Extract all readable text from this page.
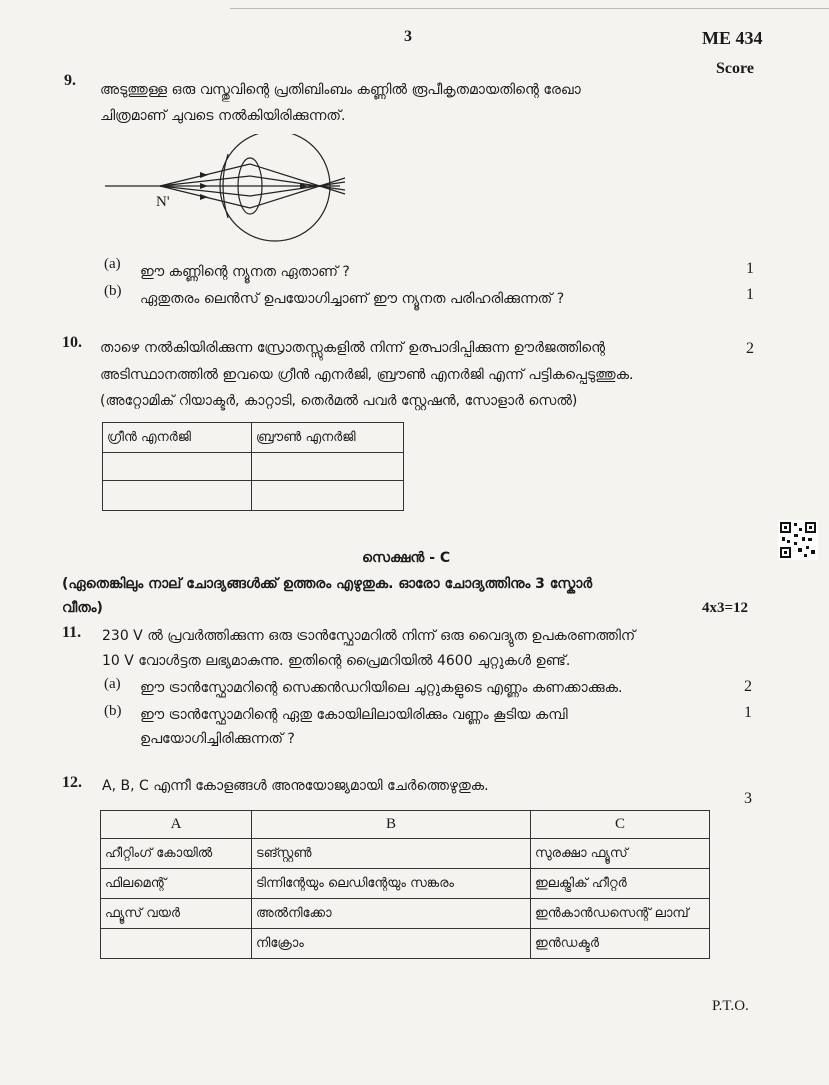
3	ME 434
Score
9.
അടുത്തുള്ള ഒരു വസ്തുവിന്റെ പ്രതിബിംബം കണ്ണിൽ രൂപീകൃതമായതിന്റെ രേഖാ
ചിത്രമാണ് ചുവടെ നൽകിയിരിക്കുന്നത്.
N'
(a) ഈ കണ്ണിന്റെ ന്യൂനത ഏതാണ് ?	1
(b) ഏതുതരം ലെൻസ് ഉപയോഗിച്ചാണ് ഈ ന്യൂനത പരിഹരിക്കുന്നത് ?	1
10. താഴെ നൽകിയിരിക്കുന്ന സ്രോതസ്സുകളിൽ നിന്ന് ഉത്പാദിപ്പിക്കുന്ന ഊർജത്തിന്റെ	2
അടിസ്ഥാനത്തിൽ ഇവയെ ഗ്രീൻ എനർജി, ബ്രൗൺ എനർജി എന്ന് പട്ടികപ്പെടുത്തുക.
(അറ്റോമിക് റിയാക്ടർ, കാറ്റാടി, തെർമൽ പവർ സ്റ്റേഷൻ, സോളാർ സെൽ)
ഗ്രീൻ എനർജി	ബ്രൗൺ എനർജി

സെക്ഷൻ - C
(ഏതെങ്കിലും നാല് ചോദ്യങ്ങൾക്ക് ഉത്തരം എഴുതുക. ഓരോ ചോദ്യത്തിനും 3 സ്കോർ
വീതം)	4x3=12
11. 230 V ൽ പ്രവർത്തിക്കുന്ന ഒരു ട്രാൻസ്ഫോമറിൽ നിന്ന് ഒരു വൈദ്യുത ഉപകരണത്തിന്
10 V വോൾട്ടത ലഭ്യമാകുന്നു. ഇതിന്റെ പ്രൈമറിയിൽ 4600 ചുറ്റുകൾ ഉണ്ട്.
(a) ഈ ട്രാൻസ്ഫോമറിന്റെ സെക്കൻഡറിയിലെ ചുറ്റുകളുടെ എണ്ണം കണക്കാക്കുക.	2
(b) ഈ ട്രാൻസ്ഫോമറിന്റെ ഏതു കോയിലിലായിരിക്കും വണ്ണം കൂടിയ കമ്പി	1
ഉപയോഗിച്ചിരിക്കുന്നത് ?
12. A, B, C എന്നീ കോളങ്ങൾ അനുയോജ്യമായി ചേർത്തെഴുതുക.
3
A	B	C
ഹീറ്റിംഗ് കോയിൽ	ടങ്സ്റ്റൺ	സുരക്ഷാ ഫ്യൂസ്
ഫിലമെന്റ്	ടിന്നിന്റേയും ലെഡിന്റേയും സങ്കരം	ഇലക്ട്രിക് ഹീറ്റർ
ഫ്യൂസ് വയർ	അൽനിക്കോ	ഇൻകാൻഡസെന്റ് ലാമ്പ്
	നിക്രോം	ഇൻഡക്ടർ
P.T.O.
